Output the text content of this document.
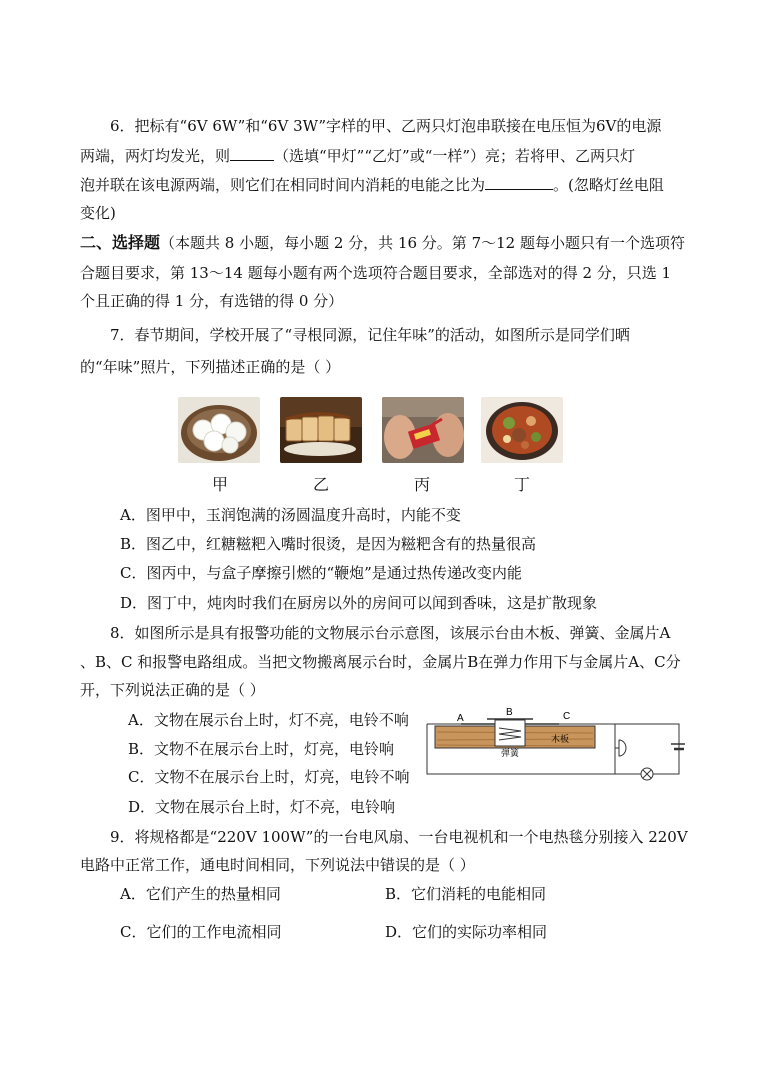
6．把标有“6V 6W”和“6V 3W”字样的甲、乙两只灯泡串联接在电压恒为6V的电源
两端，两灯均发光，则	（选填“甲灯”“乙灯”或“一样”）亮；若将甲、乙两只灯
泡并联在该电源两端，则它们在相同时间内消耗的电能之比为	。(忽略灯丝电阻
变化)
二、选择题（本题共 8 小题，每小题 2 分，共 16 分。第 7～12 题每小题只有一个选项符
合题目要求，第 13～14 题每小题有两个选项符合题目要求，全部选对的得 2 分，只选 1
个且正确的得 1 分，有选错的得 0 分）
7．春节期间，学校开展了“寻根同源，记住年味”的活动，如图所示是同学们晒
的“年味”照片，下列描述正确的是（ ）
甲	乙	丙	丁
A．图甲中，玉润饱满的汤圆温度升高时，内能不变
B．图乙中，红糖糍粑入嘴时很烫，是因为糍粑含有的热量很高
C．图丙中，与盒子摩擦引燃的“鞭炮”是通过热传递改变内能
D．图丁中，炖肉时我们在厨房以外的房间可以闻到香味，这是扩散现象
8．如图所示是具有报警功能的文物展示台示意图，该展示台由木板、弹簧、金属片A
、B、C 和报警电路组成。当把文物搬离展示台时，金属片B在弹力作用下与金属片A、C分
开，下列说法正确的是（ ）
A．文物在展示台上时，灯不亮，电铃不响
B．文物不在展示台上时，灯亮，电铃响
C．文物不在展示台上时，灯亮，电铃不响
D．文物在展示台上时，灯不亮，电铃响
A
B	C
弹簧
木板
9．将规格都是“220V 100W”的一台电风扇、一台电视机和一个电热毯分别接入 220V
电路中正常工作，通电时间相同，下列说法中错误的是（ ）
A．它们产生的热量相同	B．它们消耗的电能相同
C．它们的工作电流相同	D．它们的实际功率相同
